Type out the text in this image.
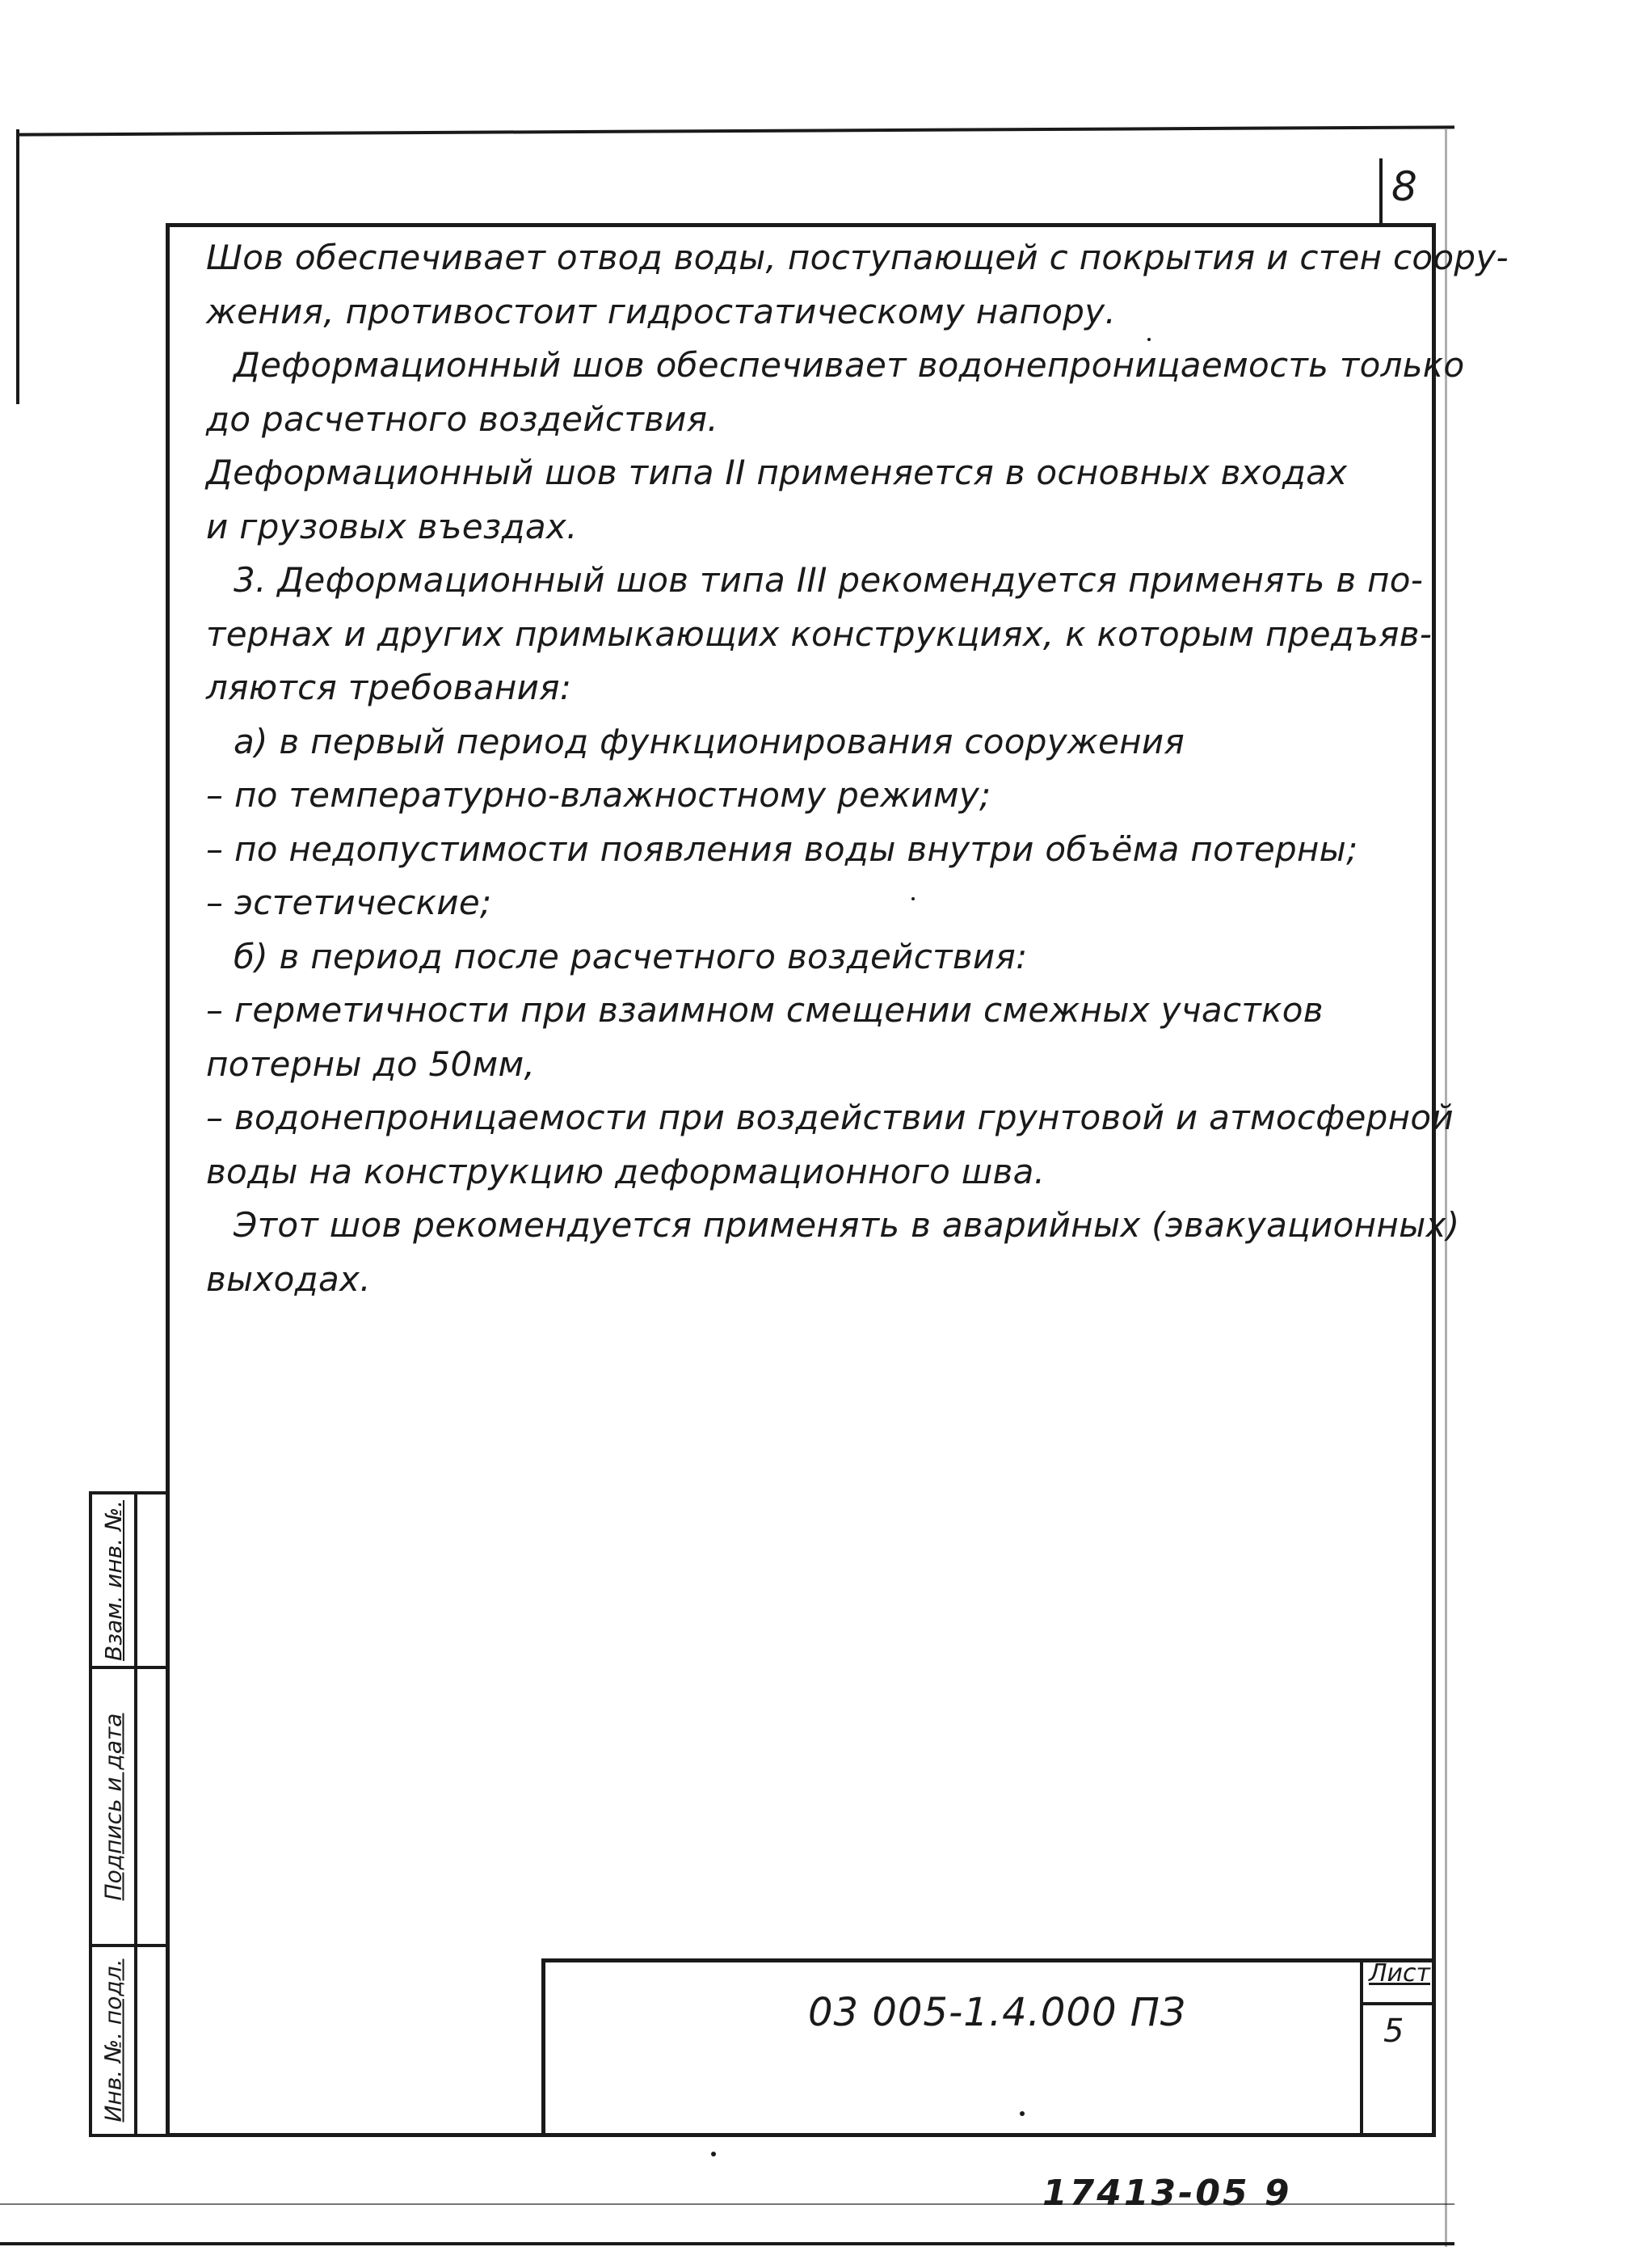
8
Шов обеспечивает отвод воды, поступающей с покрытия и стен соору-
жения, противостоит гидростатическому напору.
Деформационный шов обеспечивает водонепроницаемость только
до расчетного воздействия.
Деформационный шов типа ІІ применяется в основных входах
и грузовых въездах.
3. Деформационный шов типа ІІІ рекомендуется применять в по-
тернах и других примыкающих конструкциях, к которым предъяв-
ляются требования:
а) в первый период функционирования сооружения
– по температурно-влажностному режиму;
– по недопустимости появления воды внутри объёма потерны;
– эстетические;
б) в период после расчетного воздействия:
– герметичности при взаимном смещении смежных участков
потерны до 50мм,
– водонепроницаемости при воздействии грунтовой и атмосферной
воды на конструкцию деформационного шва.
Этот шов рекомендуется применять в аварийных (эвакуационных)
выходах.
Взам. инв. №.
Подпись и дата
Инв. №. подл.	03 005-1.4.000 ПЗ
Лист
5
17413-05 9
